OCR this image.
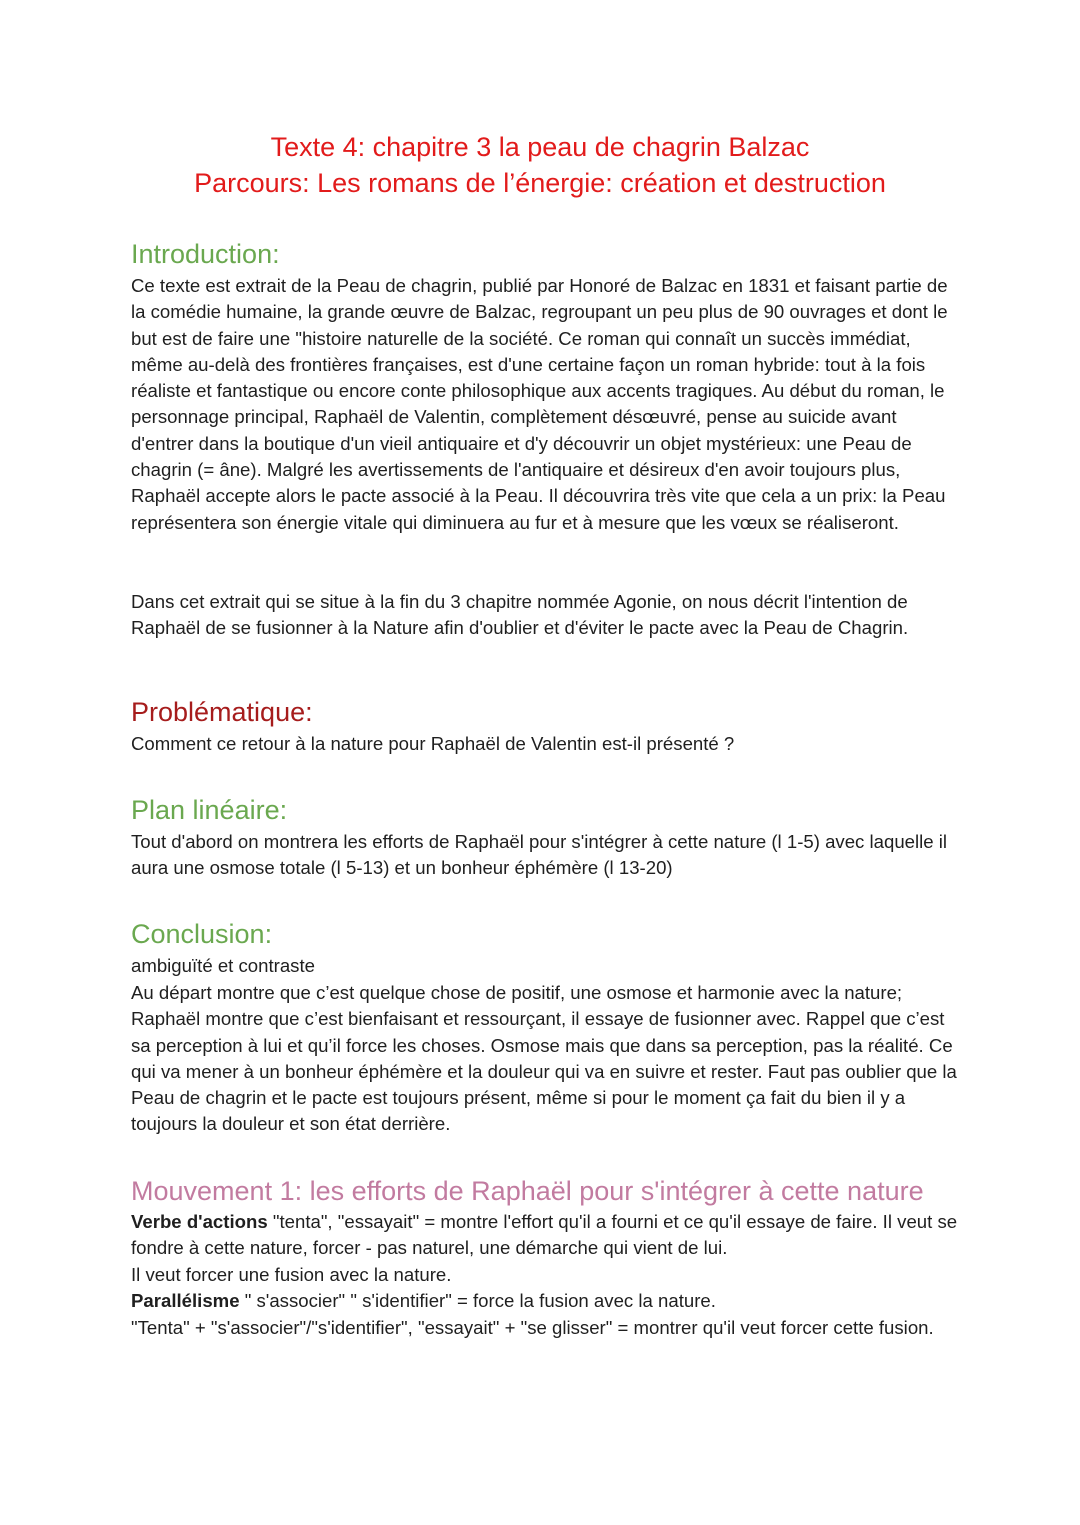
Texte 4: chapitre 3 la peau de chagrin Balzac
Parcours: Les romans de l’énergie: création et destruction
Introduction:

Ce texte est extrait de la Peau de chagrin, publié par Honoré de Balzac en 1831 et faisant partie de la comédie humaine, la grande œuvre de Balzac, regroupant un peu plus de 90 ouvrages et dont le but est de faire une "histoire naturelle de la société. Ce roman qui connaît un succès immédiat, même au-delà des frontières françaises, est d'une certaine façon un roman hybride: tout à la fois réaliste et fantastique ou encore conte philosophique aux accents tragiques. Au début du roman, le personnage principal, Raphaël de Valentin, complètement désœuvré, pense au suicide avant d'entrer dans la boutique d'un vieil antiquaire et d'y découvrir un objet mystérieux: une Peau de chagrin (= âne). Malgré les avertissements de l'antiquaire et désireux d'en avoir toujours plus, Raphaël accepte alors le pacte associé à la Peau. Il découvrira très vite que cela a un prix: la Peau représentera son énergie vitale qui diminuera au fur et à mesure que les vœux se réaliseront.

Dans cet extrait qui se situe à la fin du 3 chapitre nommée Agonie, on nous décrit l'intention de Raphaël de se fusionner à la Nature afin d'oublier et d'éviter le pacte avec la Peau de Chagrin.

Problématique:

Comment ce retour à la nature pour Raphaël de Valentin est-il présenté ?

Plan linéaire:

Tout d'abord on montrera les efforts de Raphaël pour s'intégrer à cette nature (l 1-5) avec laquelle il aura une osmose totale (l 5-13) et un bonheur éphémère (l 13-20)

Conclusion:

ambiguïté et contraste

Au départ montre que c’est quelque chose de positif, une osmose et harmonie avec la nature; Raphaël montre que c’est bienfaisant et ressourçant, il essaye de fusionner avec. Rappel que c’est sa perception à lui et qu’il force les choses. Osmose mais que dans sa perception, pas la réalité. Ce qui va mener à un bonheur éphémère et la douleur qui va en suivre et rester. Faut pas oublier que la Peau de chagrin et le pacte est toujours présent, même si pour le moment ça fait du bien il y a toujours la douleur et son état derrière.

Mouvement 1: les efforts de Raphaël pour s'intégrer à cette nature

Verbe d'actions "tenta", "essayait" = montre l'effort qu'il a fourni et ce qu'il essaye de faire. Il veut se fondre à cette nature, forcer - pas naturel, une démarche qui vient de lui.

Il veut forcer une fusion avec la nature.

Parallélisme " s'associer" " s'identifier" = force la fusion avec la nature.

"Tenta" + "s'associer"/"s'identifier", "essayait" + "se glisser" = montrer qu'il veut forcer cette fusion.
